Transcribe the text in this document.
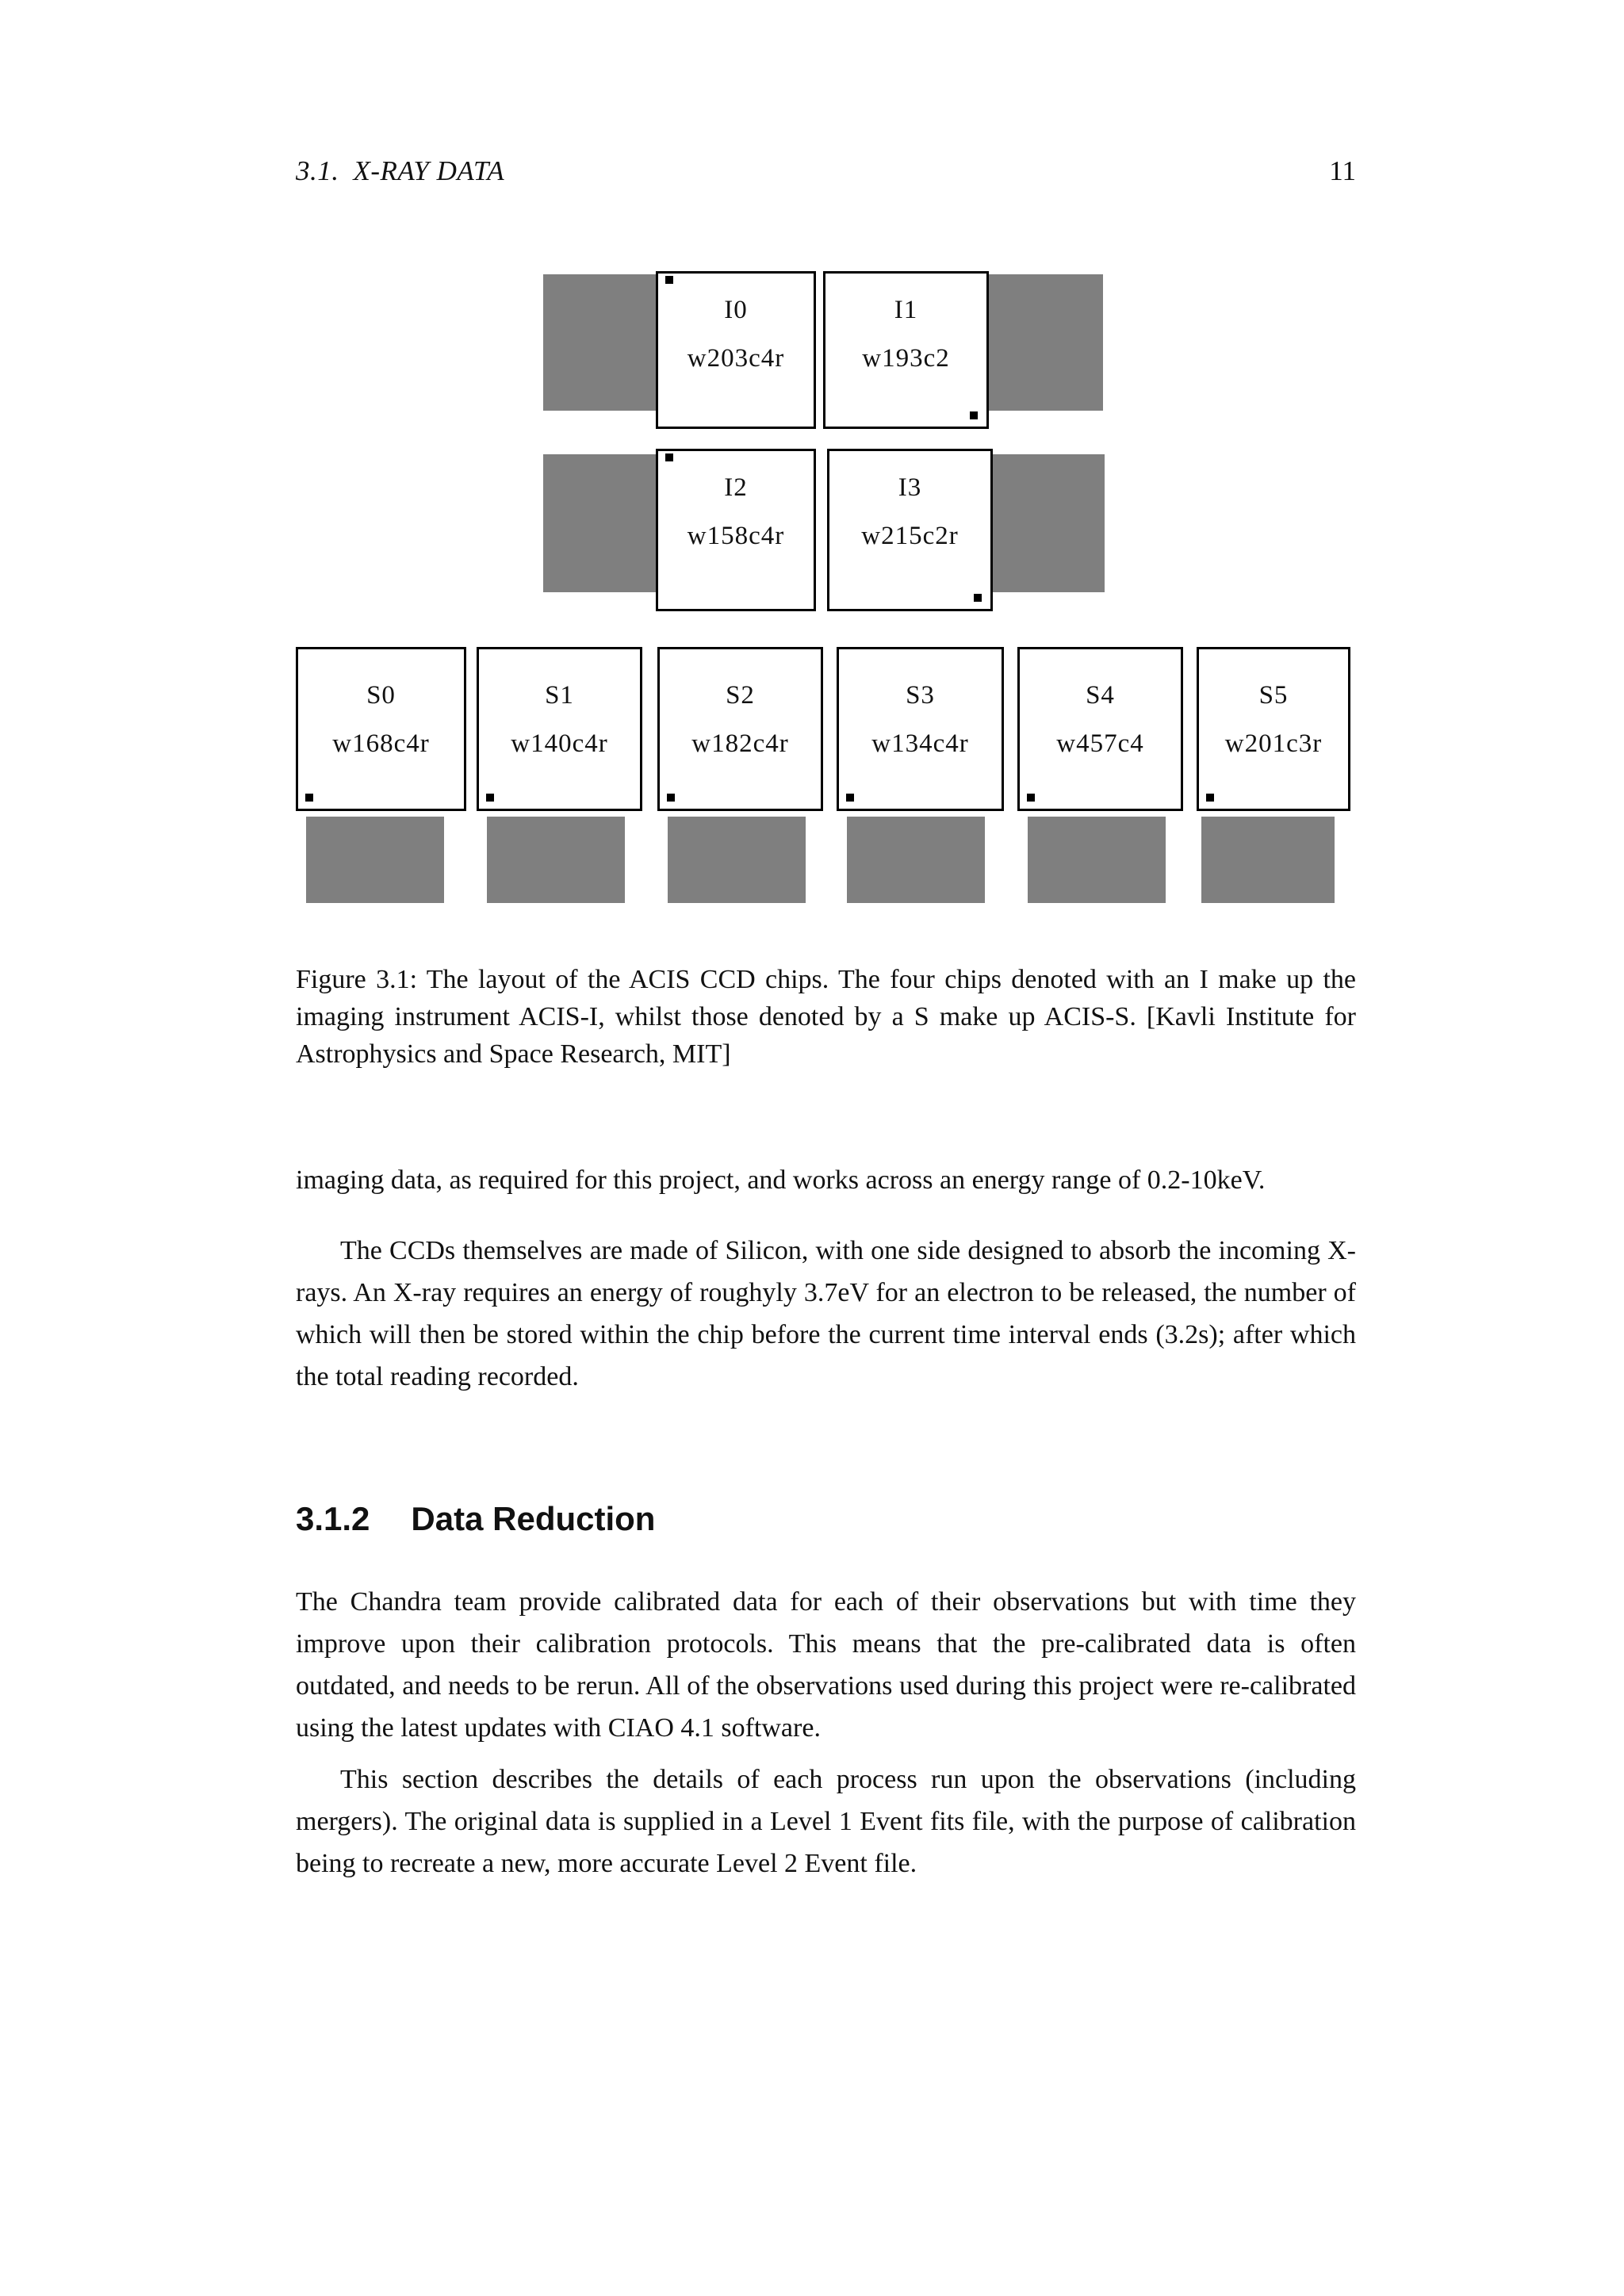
3.1. X-RAY DATA	11
I0
w203c4r
I1
w193c2
I2
w158c4r
I3
w215c2r
S0
w168c4r
S1
w140c4r
S2
w182c4r
S3
w134c4r
S4
w457c4
S5
w201c3r

Figure 3.1: The layout of the ACIS CCD chips. The four chips denoted with an I make up the imaging instrument ACIS-I, whilst those denoted by a S make up ACIS-S. [Kavli Institute for Astrophysics and Space Research, MIT]

imaging data, as required for this project, and works across an energy range of 0.2-10keV.

The CCDs themselves are made of Silicon, with one side designed to absorb the incoming X-rays. An X-ray requires an energy of roughyly 3.7eV for an electron to be released, the number of which will then be stored within the chip before the current time interval ends (3.2s); after which the total reading recorded.

3.1.2 Data Reduction

The Chandra team provide calibrated data for each of their observations but with time they improve upon their calibration protocols. This means that the pre-calibrated data is often outdated, and needs to be rerun. All of the observations used during this project were re-calibrated using the latest updates with CIAO 4.1 software.

This section describes the details of each process run upon the observations (including mergers). The original data is supplied in a Level 1 Event fits file, with the purpose of calibration being to recreate a new, more accurate Level 2 Event file.
